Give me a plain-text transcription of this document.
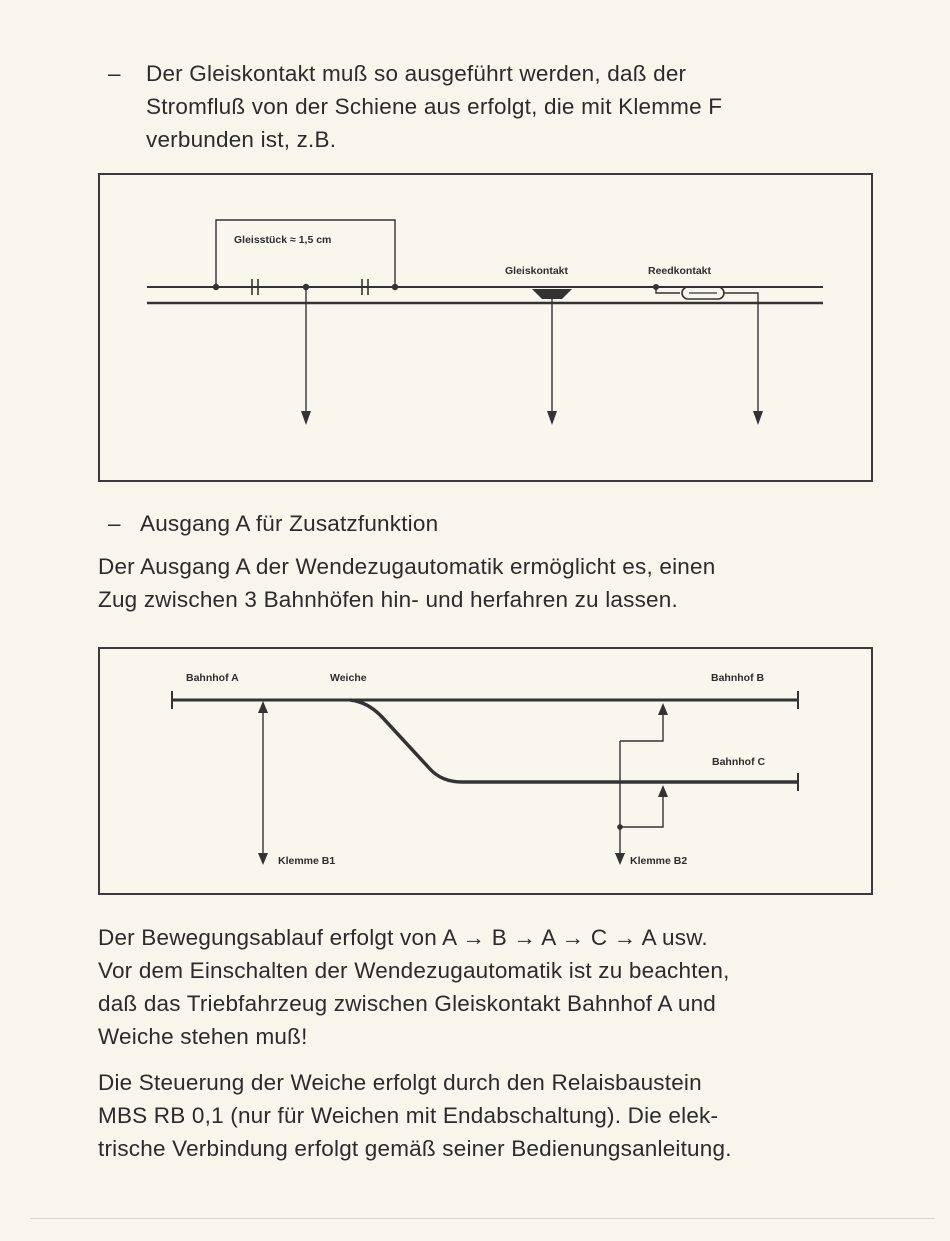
– Der Gleiskontakt muß so ausgeführt werden, daß der
Stromfluß von der Schiene aus erfolgt, die mit Klemme F
verbunden ist, z.B.
Gleisstück ≈ 1,5 cm
Gleiskontakt	Reedkontakt
– Ausgang A für Zusatzfunktion
Der Ausgang A der Wendezugautomatik ermöglicht es, einen
Zug zwischen 3 Bahnhöfen hin- und herfahren zu lassen.
Bahnhof A	Weiche	Bahnhof B
Bahnhof C
Klemme B1	Klemme B2
Der Bewegungsablauf erfolgt von A → B → A → C → A usw.
Vor dem Einschalten der Wendezugautomatik ist zu beachten,
daß das Triebfahrzeug zwischen Gleiskontakt Bahnhof A und
Weiche stehen muß!
Die Steuerung der Weiche erfolgt durch den Relaisbaustein
MBS RB 0,1 (nur für Weichen mit Endabschaltung). Die elek-
trische Verbindung erfolgt gemäß seiner Bedienungsanleitung.
